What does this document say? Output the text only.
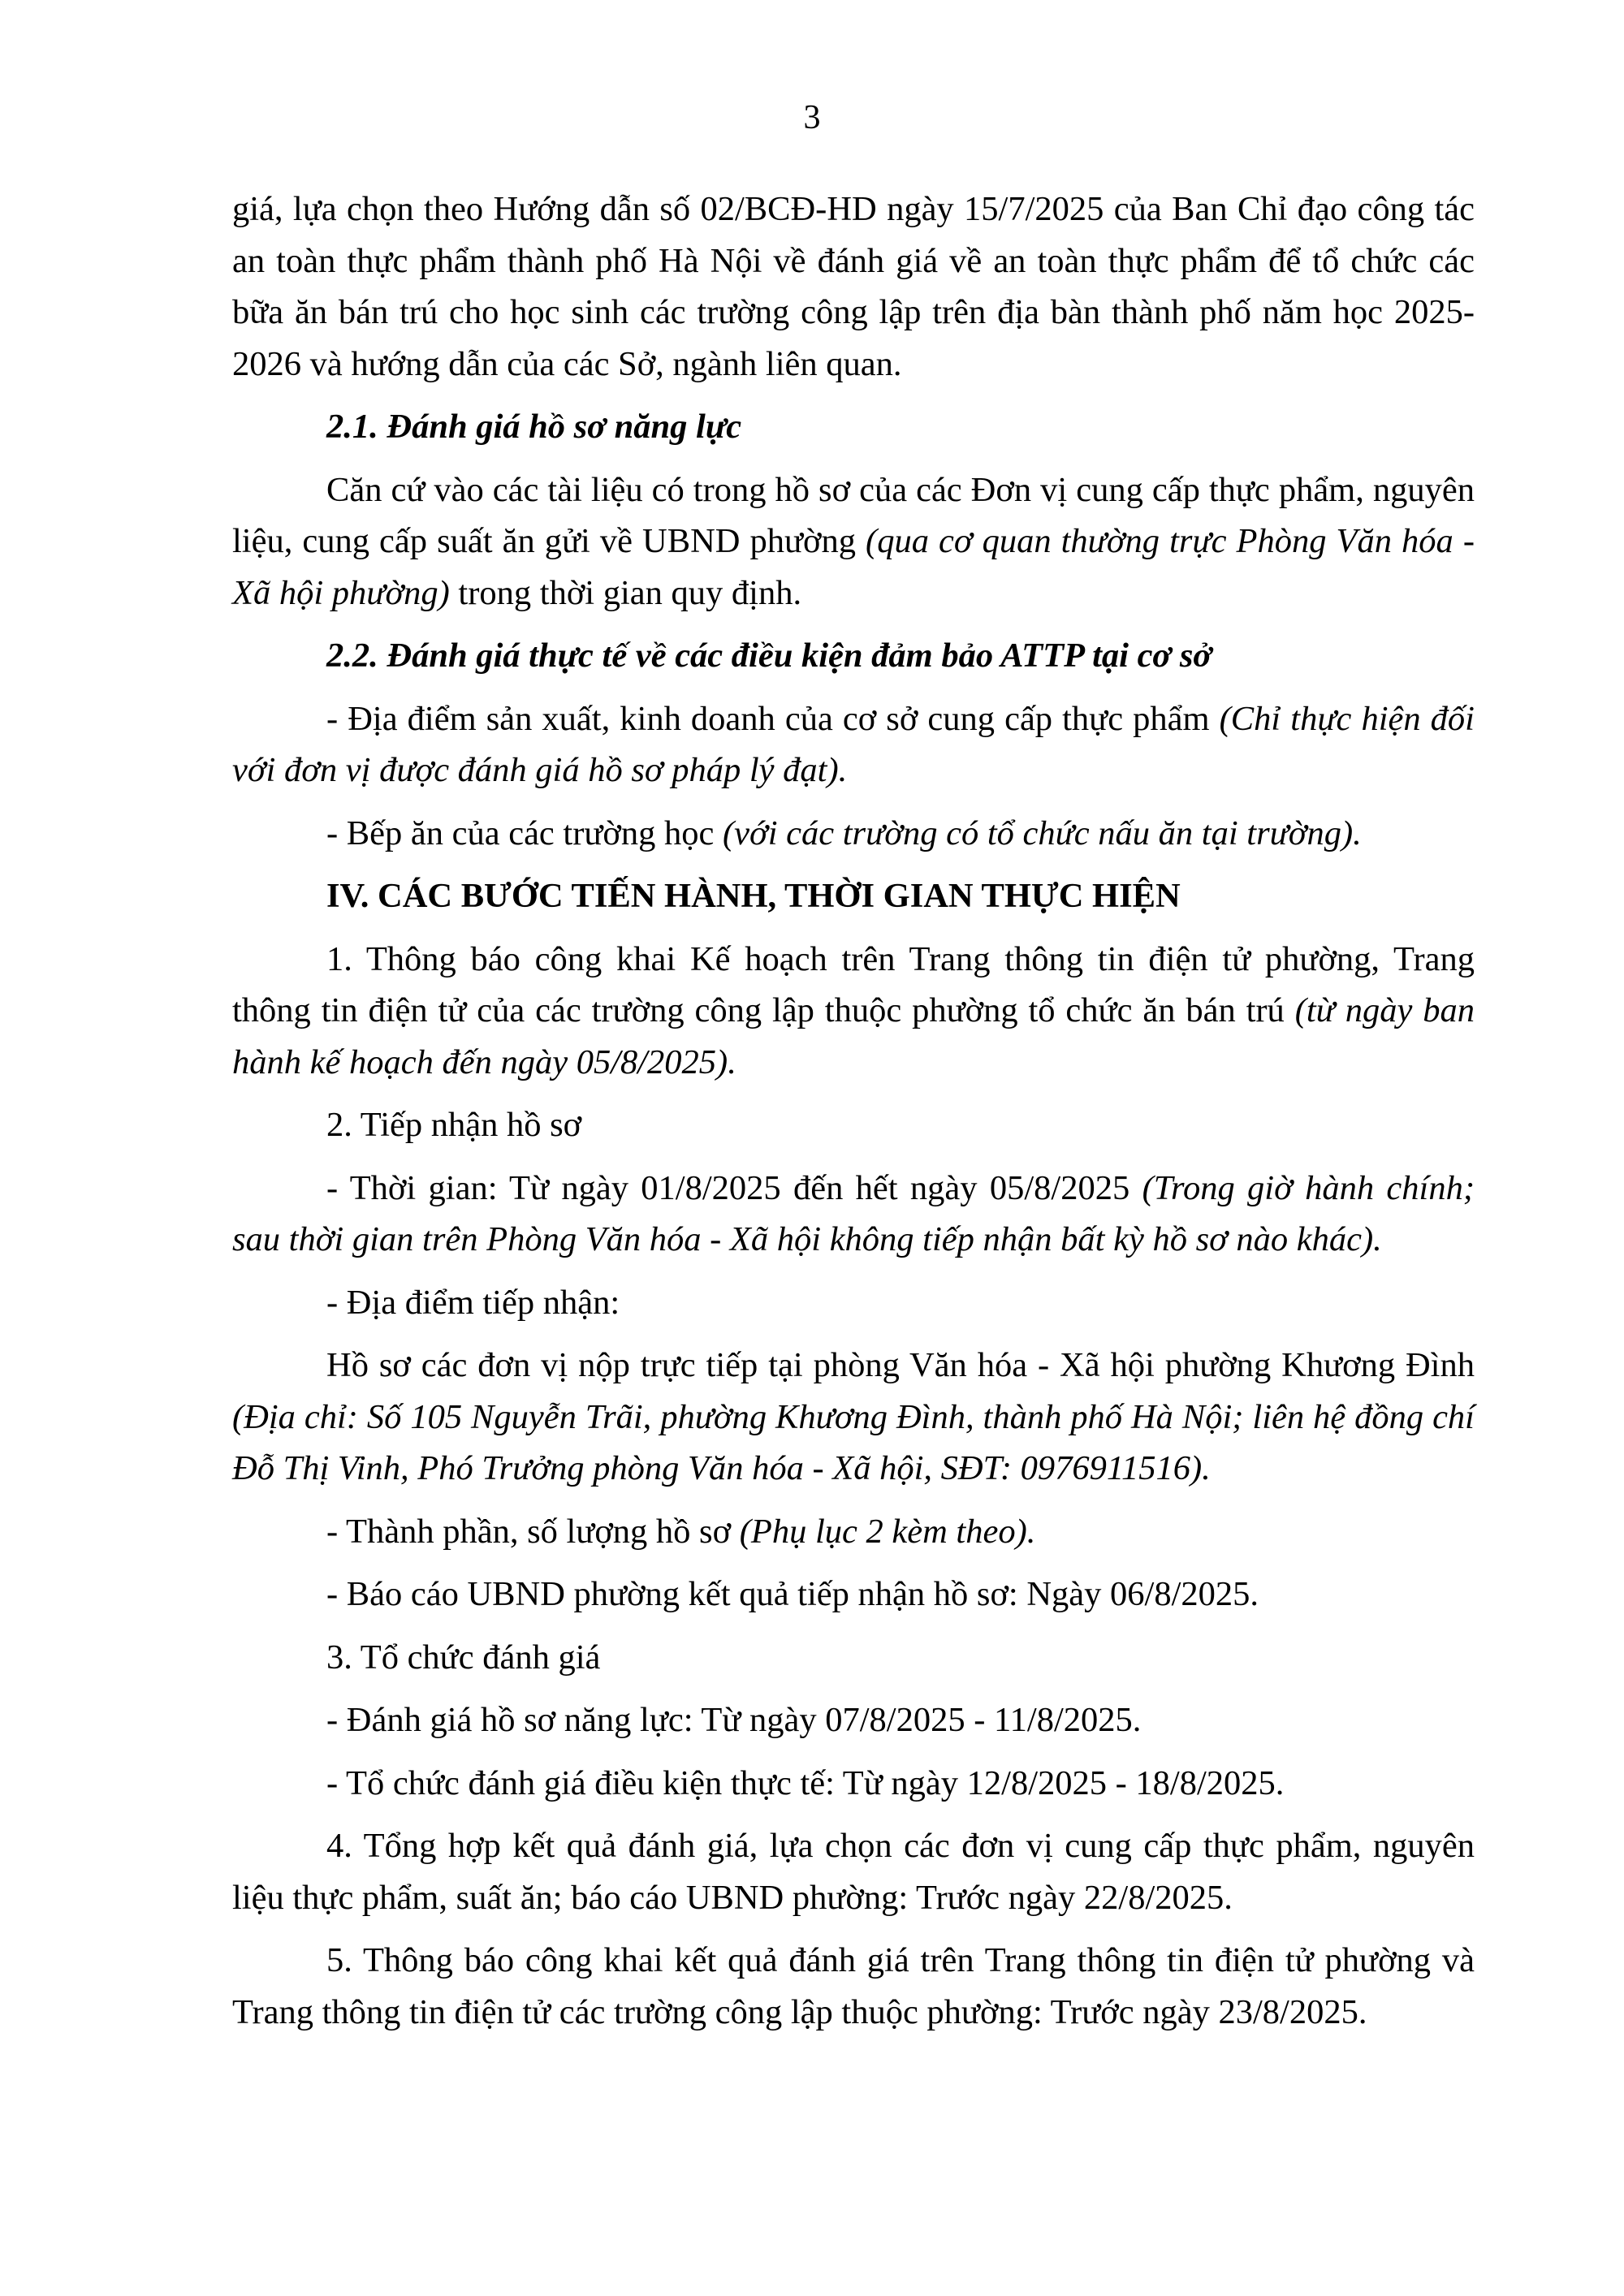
3

giá, lựa chọn theo Hướng dẫn số 02/BCĐ-HD ngày 15/7/2025 của Ban Chỉ đạo công tác an toàn thực phẩm thành phố Hà Nội về đánh giá về an toàn thực phẩm để tổ chức các bữa ăn bán trú cho học sinh các trường công lập trên địa bàn thành phố năm học 2025-2026 và hướng dẫn của các Sở, ngành liên quan.

2.1. Đánh giá hồ sơ năng lực

Căn cứ vào các tài liệu có trong hồ sơ của các Đơn vị cung cấp thực phẩm, nguyên liệu, cung cấp suất ăn gửi về UBND phường (qua cơ quan thường trực Phòng Văn hóa - Xã hội phường) trong thời gian quy định.

2.2. Đánh giá thực tế về các điều kiện đảm bảo ATTP tại cơ sở

- Địa điểm sản xuất, kinh doanh của cơ sở cung cấp thực phẩm (Chỉ thực hiện đối với đơn vị được đánh giá hồ sơ pháp lý đạt).

- Bếp ăn của các trường học (với các trường có tổ chức nấu ăn tại trường).

IV. CÁC BƯỚC TIẾN HÀNH, THỜI GIAN THỰC HIỆN

1. Thông báo công khai Kế hoạch trên Trang thông tin điện tử phường, Trang thông tin điện tử của các trường công lập thuộc phường tổ chức ăn bán trú (từ ngày ban hành kế hoạch đến ngày 05/8/2025).

2. Tiếp nhận hồ sơ

- Thời gian: Từ ngày 01/8/2025 đến hết ngày 05/8/2025 (Trong giờ hành chính; sau thời gian trên Phòng Văn hóa - Xã hội không tiếp nhận bất kỳ hồ sơ nào khác).

- Địa điểm tiếp nhận:

Hồ sơ các đơn vị nộp trực tiếp tại phòng Văn hóa - Xã hội phường Khương Đình (Địa chỉ: Số 105 Nguyễn Trãi, phường Khương Đình, thành phố Hà Nội; liên hệ đồng chí Đỗ Thị Vinh, Phó Trưởng phòng Văn hóa - Xã hội, SĐT: 0976911516).

- Thành phần, số lượng hồ sơ (Phụ lục 2 kèm theo).

- Báo cáo UBND phường kết quả tiếp nhận hồ sơ: Ngày 06/8/2025.

3. Tổ chức đánh giá

- Đánh giá hồ sơ năng lực: Từ ngày 07/8/2025 - 11/8/2025.

- Tổ chức đánh giá điều kiện thực tế: Từ ngày 12/8/2025 - 18/8/2025.

4. Tổng hợp kết quả đánh giá, lựa chọn các đơn vị cung cấp thực phẩm, nguyên liệu thực phẩm, suất ăn; báo cáo UBND phường: Trước ngày 22/8/2025.

5. Thông báo công khai kết quả đánh giá trên Trang thông tin điện tử phường và Trang thông tin điện tử các trường công lập thuộc phường: Trước ngày 23/8/2025.
